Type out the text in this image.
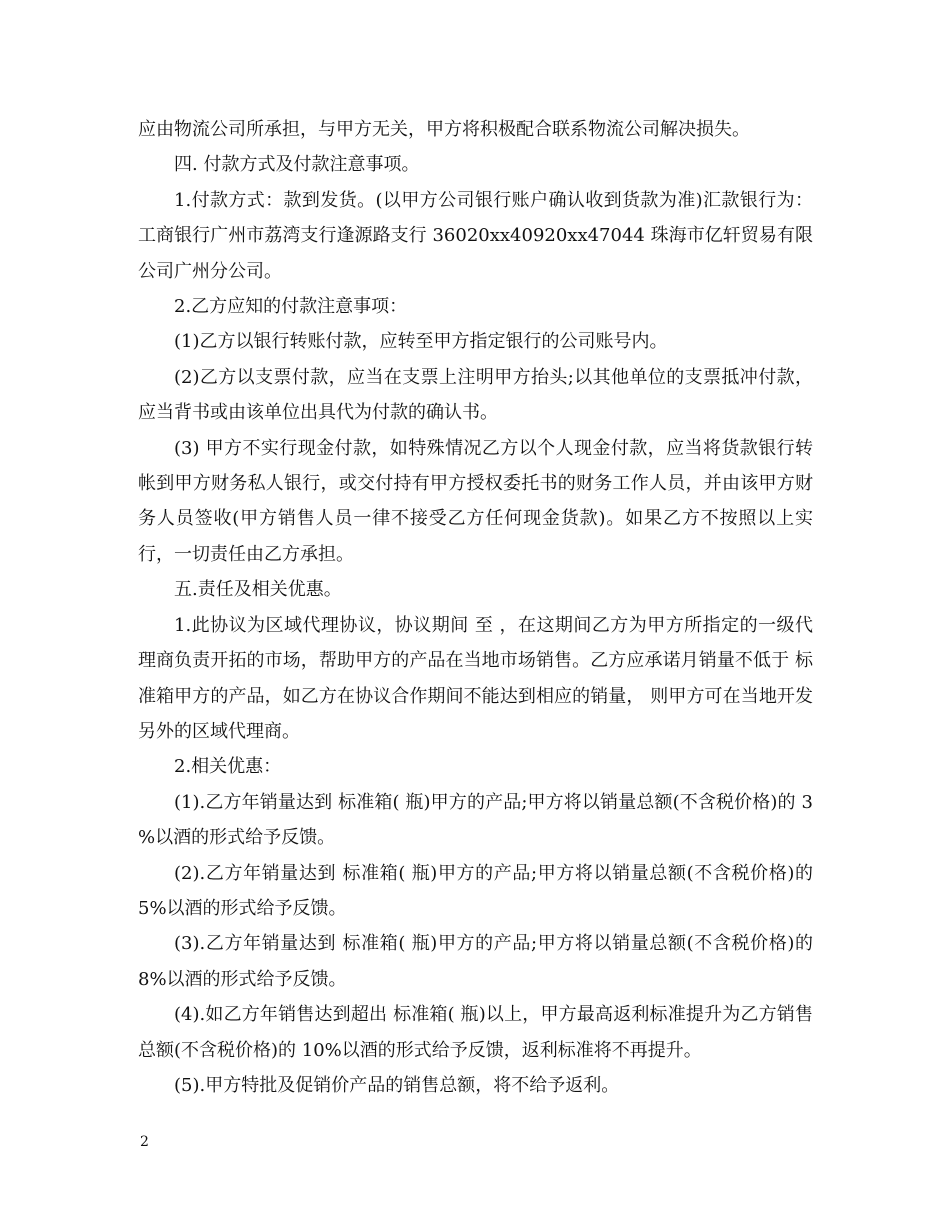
应由物流公司所承担，与甲方无关，甲方将积极配合联系物流公司解决损失。

四. 付款方式及付款注意事项。

1.付款方式：款到发货。(以甲方公司银行账户确认收到货款为准)汇款银行为：工商银行广州市荔湾支行逢源路支行 36020xx40920xx47044 珠海市亿轩贸易有限公司广州分公司。

2.乙方应知的付款注意事项：

(1)乙方以银行转账付款，应转至甲方指定银行的公司账号内。

(2)乙方以支票付款，应当在支票上注明甲方抬头;以其他单位的支票抵冲付款，应当背书或由该单位出具代为付款的确认书。

(3) 甲方不实行现金付款，如特殊情况乙方以个人现金付款，应当将货款银行转帐到甲方财务私人银行，或交付持有甲方授权委托书的财务工作人员，并由该甲方财务人员签收(甲方销售人员一律不接受乙方任何现金货款)。如果乙方不按照以上实行，一切责任由乙方承担。

五.责任及相关优惠。

1.此协议为区域代理协议，协议期间 至 ，在这期间乙方为甲方所指定的一级代理商负责开拓的市场，帮助甲方的产品在当地市场销售。乙方应承诺月销量不低于 标准箱甲方的产品，如乙方在协议合作期间不能达到相应的销量， 则甲方可在当地开发另外的区域代理商。

2.相关优惠：

(1).乙方年销量达到 标准箱( 瓶)甲方的产品;甲方将以销量总额(不含税价格)的 3 %以酒的形式给予反馈。

(2).乙方年销量达到 标准箱( 瓶)甲方的产品;甲方将以销量总额(不含税价格)的 5%以酒的形式给予反馈。

(3).乙方年销量达到 标准箱( 瓶)甲方的产品;甲方将以销量总额(不含税价格)的 8%以酒的形式给予反馈。

(4).如乙方年销售达到超出 标准箱( 瓶)以上，甲方最高返利标准提升为乙方销售总额(不含税价格)的 10%以酒的形式给予反馈，返利标准将不再提升。

(5).甲方特批及促销价产品的销售总额，将不给予返利。

2
